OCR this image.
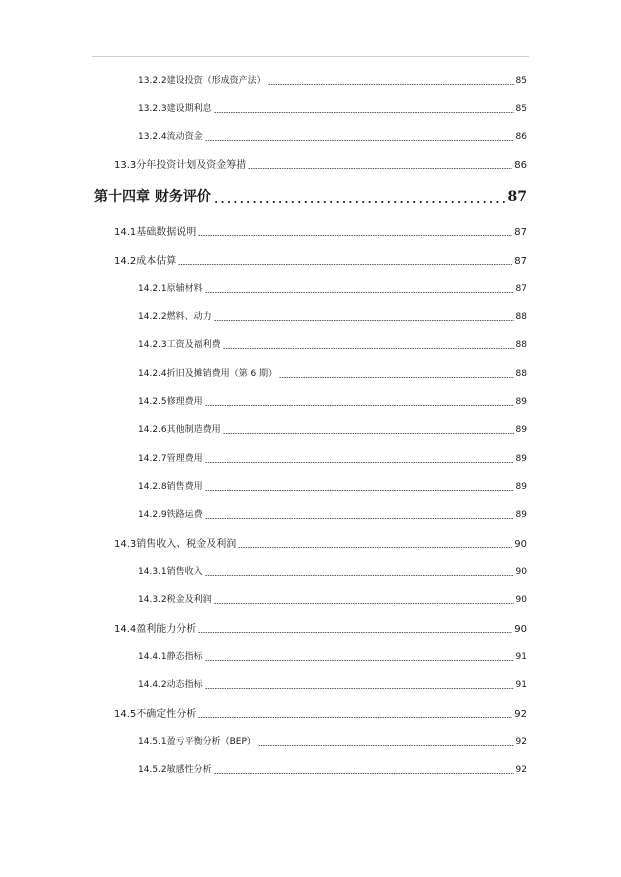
13.2.2建设投资（形成资产法）	85
13.2.3建设期利息	85
13.2.4流动资金	86
13.3分年投资计划及资金筹措	86
第十四章 财务评价	87
14.1基础数据说明	87
14.2成本估算	87
14.2.1原辅材料	87
14.2.2燃料、动力	88
14.2.3工资及福利费	88
14.2.4折旧及摊销费用（第 6 期）	88
14.2.5修理费用	89
14.2.6其他制造费用	89
14.2.7管理费用	89
14.2.8销售费用	89
14.2.9铁路运费	89
14.3销售收入、税金及利润	90
14.3.1销售收入	90
14.3.2税金及利润	90
14.4盈利能力分析	90
14.4.1静态指标	91
14.4.2动态指标	91
14.5不确定性分析	92
14.5.1盈亏平衡分析（BEP）	92
14.5.2敏感性分析	92
